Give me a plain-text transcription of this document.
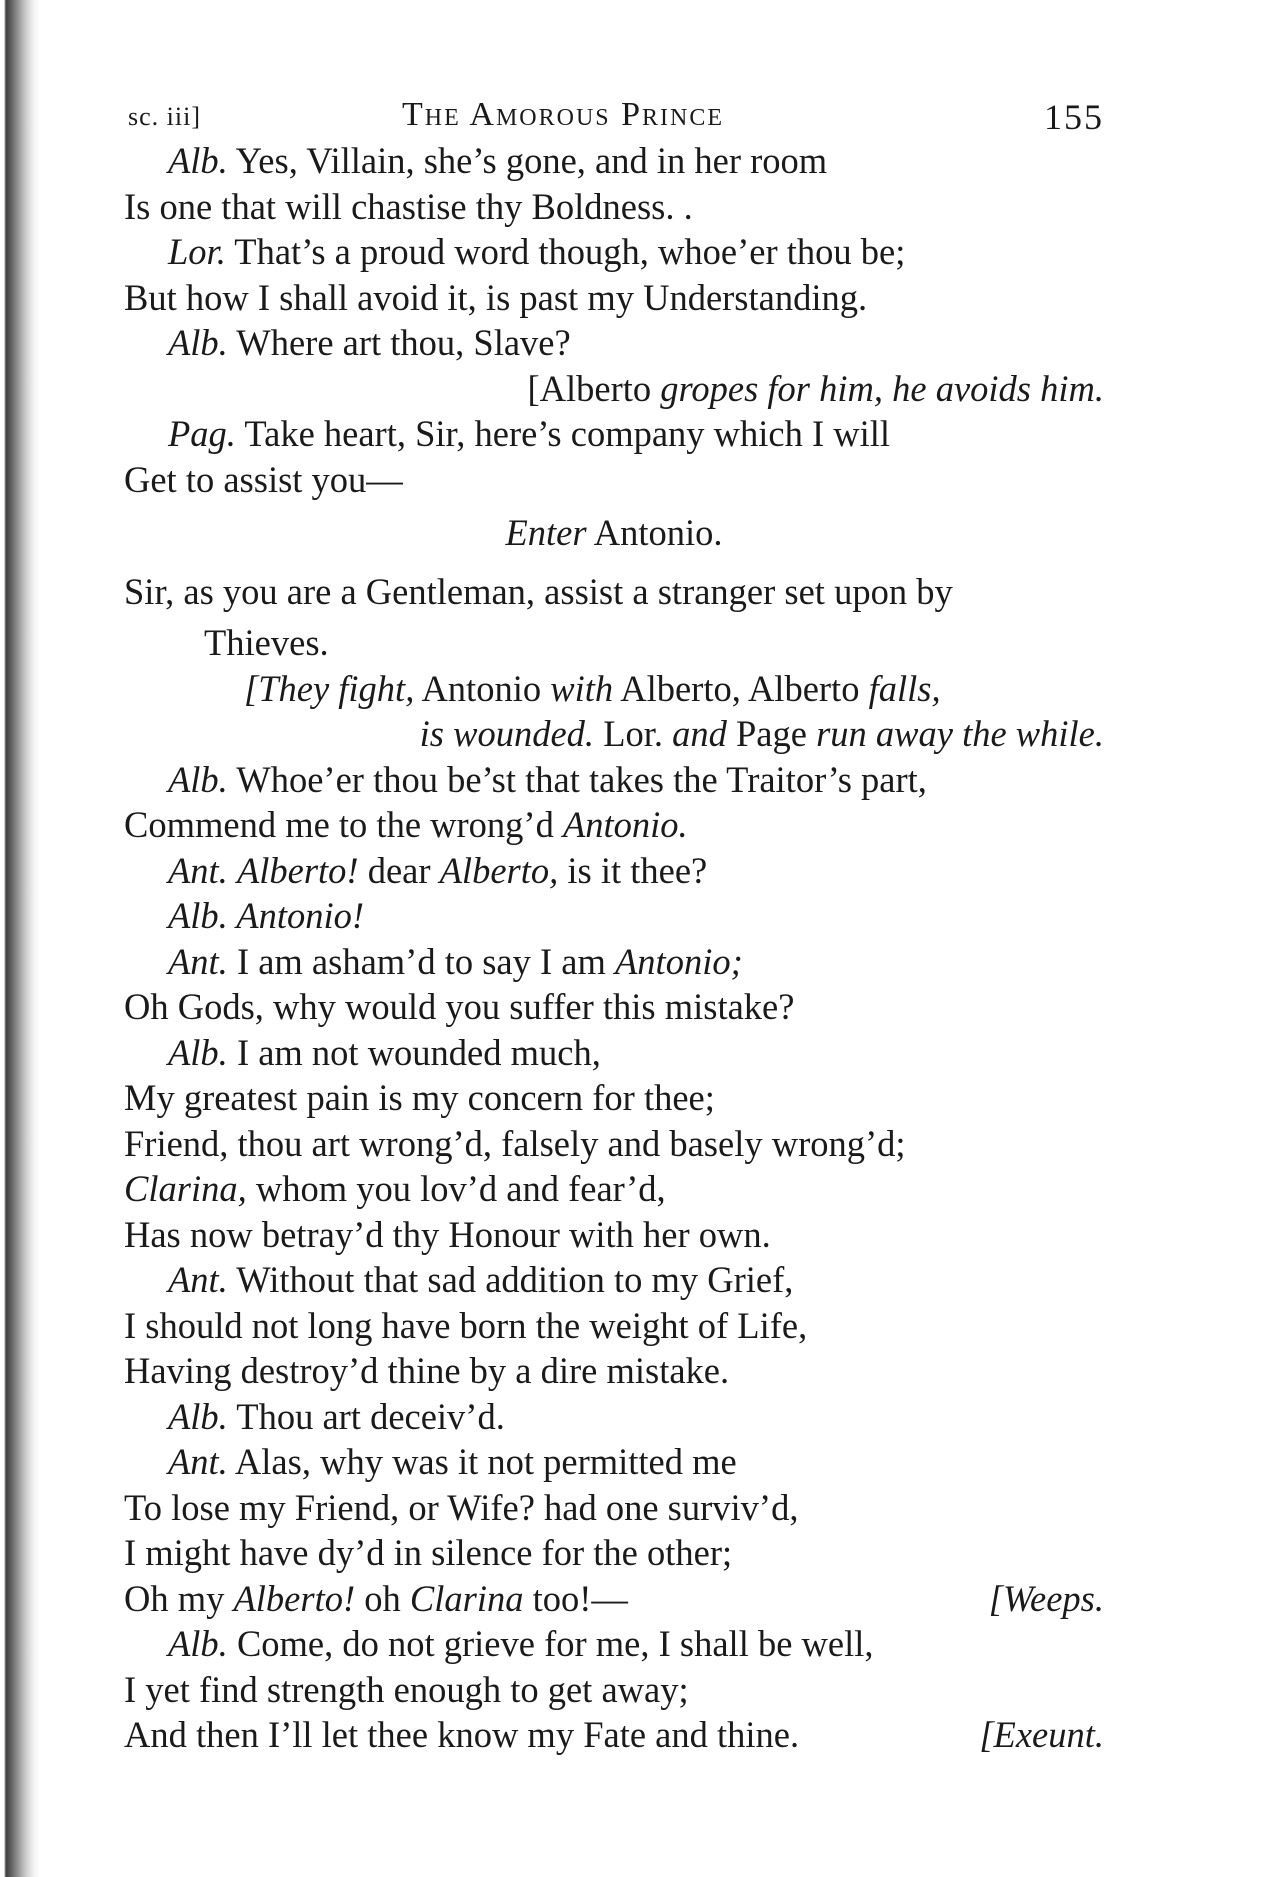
sc. iii]	The Amorous Prince	155
Alb. Yes, Villain, she’s gone, and in her room
Is one that will chastise thy Boldness. .
Lor. That’s a proud word though, whoe’er thou be;
But how I shall avoid it, is past my Understanding.
Alb. Where art thou, Slave?
[Alberto gropes for him, he avoids him.
Pag. Take heart, Sir, here’s company which I will
Get to assist you—
Enter Antonio.
Sir, as you are a Gentleman, assist a stranger set upon by
Thieves.
[They fight, Antonio with Alberto, Alberto falls,
is wounded. Lor. and Page run away the while.
Alb. Whoe’er thou be’st that takes the Traitor’s part,
Commend me to the wrong’d Antonio.
Ant. Alberto! dear Alberto, is it thee?
Alb. Antonio!
Ant. I am asham’d to say I am Antonio;
Oh Gods, why would you suffer this mistake?
Alb. I am not wounded much,
My greatest pain is my concern for thee;
Friend, thou art wrong’d, falsely and basely wrong’d;
Clarina, whom you lov’d and fear’d,
Has now betray’d thy Honour with her own.
Ant. Without that sad addition to my Grief,
I should not long have born the weight of Life,
Having destroy’d thine by a dire mistake.
Alb. Thou art deceiv’d.
Ant. Alas, why was it not permitted me
To lose my Friend, or Wife? had one surviv’d,
I might have dy’d in silence for the other;
Oh my Alberto! oh Clarina too!—	[Weeps.
Alb. Come, do not grieve for me, I shall be well,
I yet find strength enough to get away;
And then I’ll let thee know my Fate and thine.	[Exeunt.
